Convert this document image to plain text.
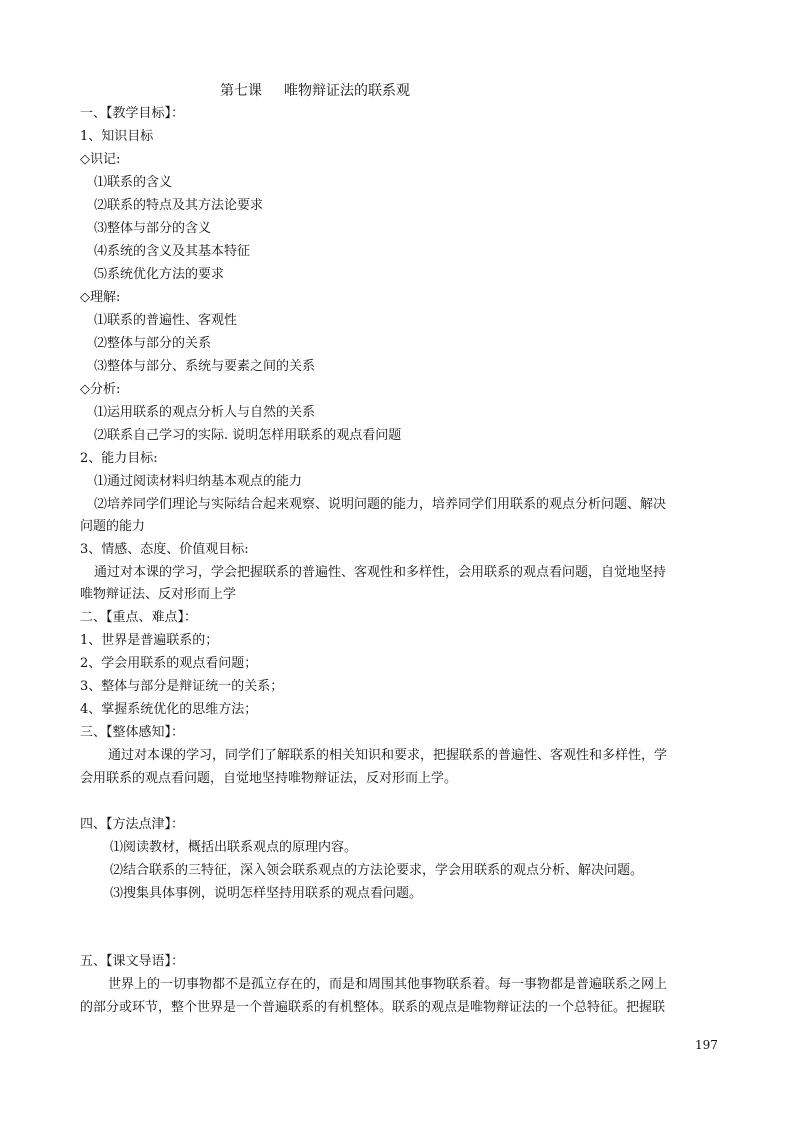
第七课 唯物辩证法的联系观
一、【教学目标】：
1、知识目标
◇识记:
⑴联系的含义
⑵联系的特点及其方法论要求
⑶整体与部分的含义
⑷系统的含义及其基本特征
⑸系统优化方法的要求
◇理解:
⑴联系的普遍性、客观性
⑵整体与部分的关系
⑶整体与部分、系统与要素之间的关系
◇分析:
⑴运用联系的观点分析人与自然的关系
⑵联系自己学习的实际. 说明怎样用联系的观点看问题
2、能力目标:
⑴通过阅读材料归纳基本观点的能力
⑵培养同学们理论与实际结合起来观察、说明问题的能力，培养同学们用联系的观点分析问题、解决
问题的能力
3、情感、态度、价值观目标:
通过对本课的学习，学会把握联系的普遍性、客观性和多样性，会用联系的观点看问题，自觉地坚持
唯物辩证法、反对形而上学
二、【重点、难点】：
1、世界是普遍联系的；
2、学会用联系的观点看问题；
3、整体与部分是辩证统一的关系；
4、掌握系统优化的思维方法；
三、【整体感知】：
通过对本课的学习，同学们了解联系的相关知识和要求，把握联系的普遍性、客观性和多样性，学
会用联系的观点看问题，自觉地坚持唯物辩证法，反对形而上学。
四、【方法点津】：
⑴阅读教材，概括出联系观点的原理内容。
⑵结合联系的三特征，深入领会联系观点的方法论要求，学会用联系的观点分析、解决问题。
⑶搜集具体事例，说明怎样坚持用联系的观点看问题。
五、【课文导语】：
世界上的一切事物都不是孤立存在的，而是和周围其他事物联系着。每一事物都是普遍联系之网上
的部分或环节，整个世界是一个普遍联系的有机整体。联系的观点是唯物辩证法的一个总特征。把握联
197
